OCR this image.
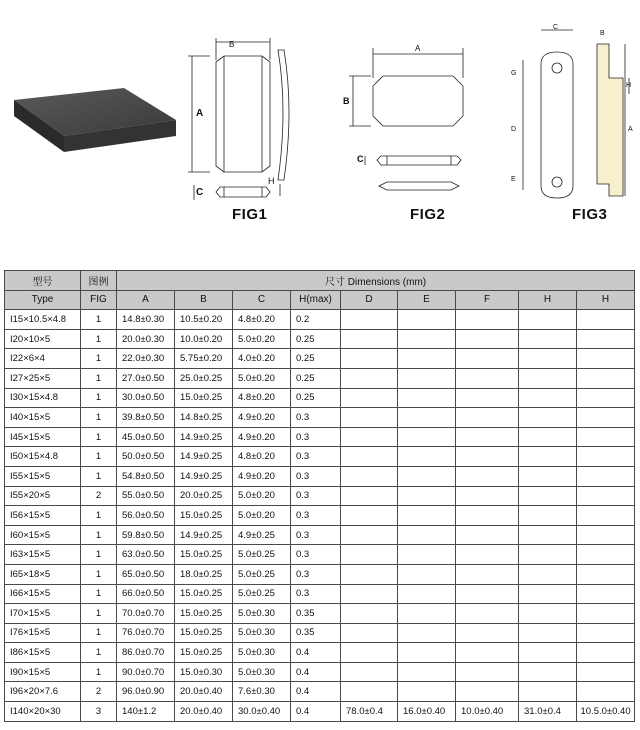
B
A
C
H
FIG1
A
B
C
FIG2
C
B
G
H
D	A
E
FIG3
型号	图例	尺寸 Dimensions (mm)								
Type	FIG	A	B	C	H(max)	D	E	F	H	H
I15×10.5×4.8	1	14.8±0.30	10.5±0.20	4.8±0.20	0.2					
I20×10×5	1	20.0±0.30	10.0±0.20	5.0±0.20	0.25					
I22×6×4	1	22.0±0.30	5.75±0.20	4.0±0.20	0.25					
I27×25×5	1	27.0±0.50	25.0±0.25	5.0±0.20	0.25					
I30×15×4.8	1	30.0±0.50	15.0±0.25	4.8±0.20	0.25					
I40×15×5	1	39.8±0.50	14.8±0.25	4.9±0.20	0.3					
I45×15×5	1	45.0±0.50	14.9±0.25	4.9±0.20	0.3					
I50×15×4.8	1	50.0±0.50	14.9±0.25	4.8±0.20	0.3					
I55×15×5	1	54.8±0.50	14.9±0.25	4.9±0.20	0.3					
I55×20×5	2	55.0±0.50	20.0±0.25	5.0±0.20	0.3					
I56×15×5	1	56.0±0.50	15.0±0.25	5.0±0.20	0.3					
I60×15×5	1	59.8±0.50	14.9±0.25	4.9±0.25	0.3					
I63×15×5	1	63.0±0.50	15.0±0.25	5.0±0.25	0.3					
I65×18×5	1	65.0±0.50	18.0±0.25	5.0±0.25	0.3					
I66×15×5	1	66.0±0.50	15.0±0.25	5.0±0.25	0.3					
I70×15×5	1	70.0±0.70	15.0±0.25	5.0±0.30	0.35					
I76×15×5	1	76.0±0.70	15.0±0.25	5.0±0.30	0.35					
I86×15×5	1	86.0±0.70	15.0±0.25	5.0±0.30	0.4					
I90×15×5	1	90.0±0.70	15.0±0.30	5.0±0.30	0.4					
I96×20×7.6	2	96.0±0.90	20.0±0.40	7.6±0.30	0.4					
I140×20×30	3	140±1.2	20.0±0.40	30.0±0.40	0.4	78.0±0.4	16.0±0.40	10.0±0.40	31.0±0.4	10.5.0±0.40
